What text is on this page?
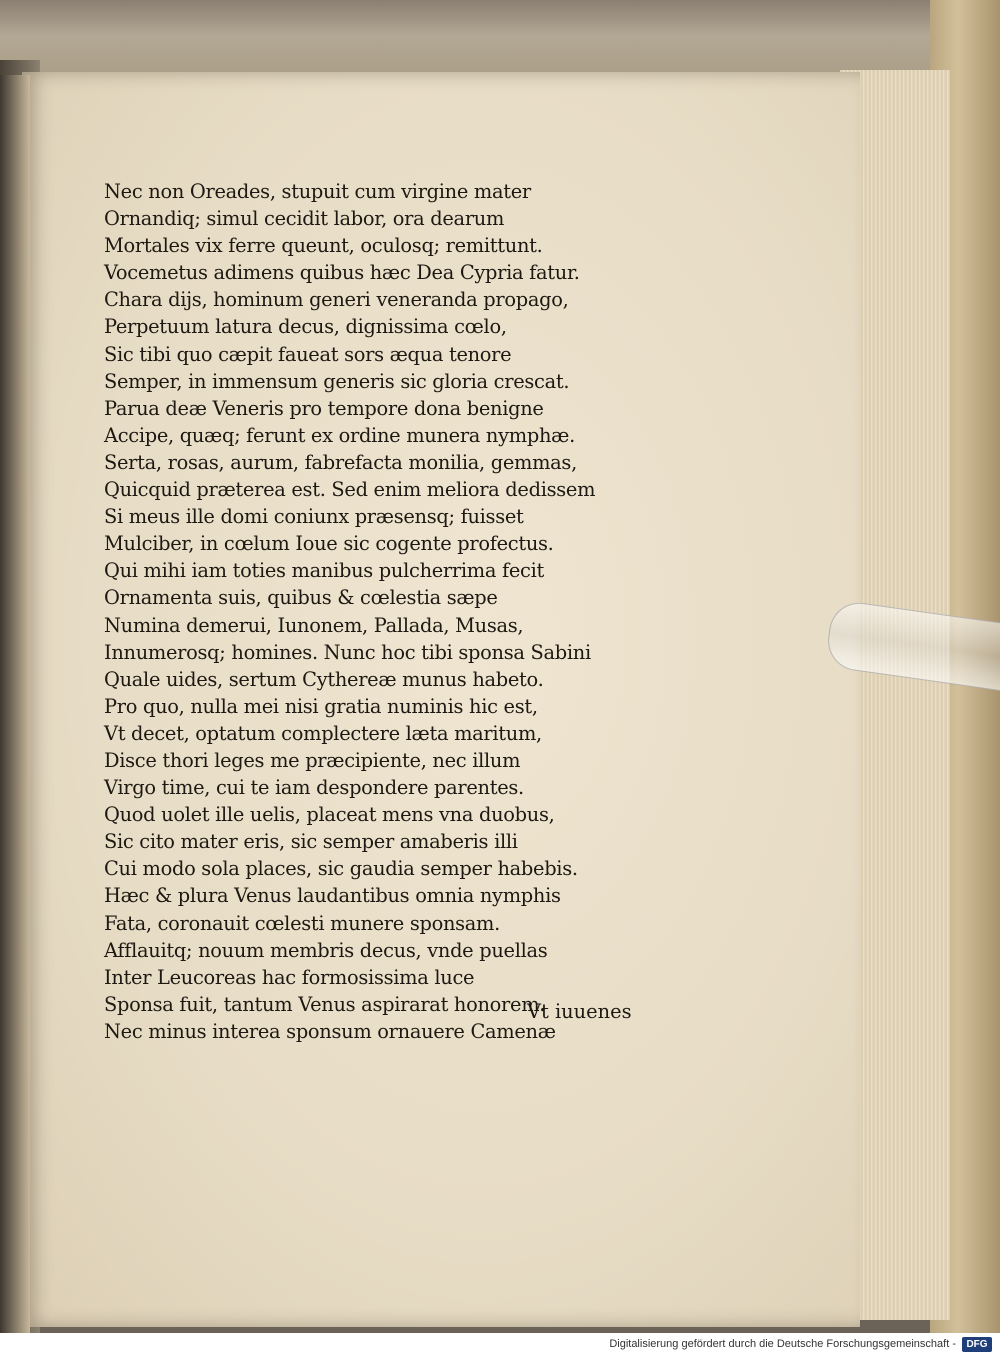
Nec non Oreades, stupuit cum virgine mater
Ornandiq; simul cecidit labor, ora dearum
Mortales vix ferre queunt, oculosq; remittunt.
Vocemetus adimens quibus hæc Dea Cypria fatur.
Chara dijs, hominum generi veneranda propago,
Perpetuum latura decus, dignissima cœlo,
Sic tibi quo cæpit faueat sors æqua tenore
Semper, in immensum generis sic gloria crescat.
Parua deæ Veneris pro tempore dona benigne
Accipe, quæq; ferunt ex ordine munera nymphæ.
Serta, rosas, aurum, fabrefacta monilia, gemmas,
Quicquid præterea est. Sed enim meliora dedissem
Si meus ille domi coniunx præsensq; fuisset
Mulciber, in cœlum Ioue sic cogente profectus.
Qui mihi iam toties manibus pulcherrima fecit
Ornamenta suis, quibus & cœlestia sæpe
Numina demerui, Iunonem, Pallada, Musas,
Innumerosq; homines. Nunc hoc tibi sponsa Sabini
Quale uides, sertum Cythereæ munus habeto.
Pro quo, nulla mei nisi gratia numinis hic est,
Vt decet, optatum complectere læta maritum,
Disce thori leges me præcipiente, nec illum
Virgo time, cui te iam despondere parentes.
Quod uolet ille uelis, placeat mens vna duobus,
Sic cito mater eris, sic semper amaberis illi
Cui modo sola places, sic gaudia semper habebis.
Hæc & plura Venus laudantibus omnia nymphis
Fata, coronauit cœlesti munere sponsam.
Afflauitq; nouum membris decus, vnde puellas
Inter Leucoreas hac formosissima luce
Sponsa fuit, tantum Venus aspirarat honorem.
Nec minus interea sponsum ornauere Camenæ
Vt iuuenes
Digitalisierung gefördert durch die Deutsche Forschungsgemeinschaft -	DFG
